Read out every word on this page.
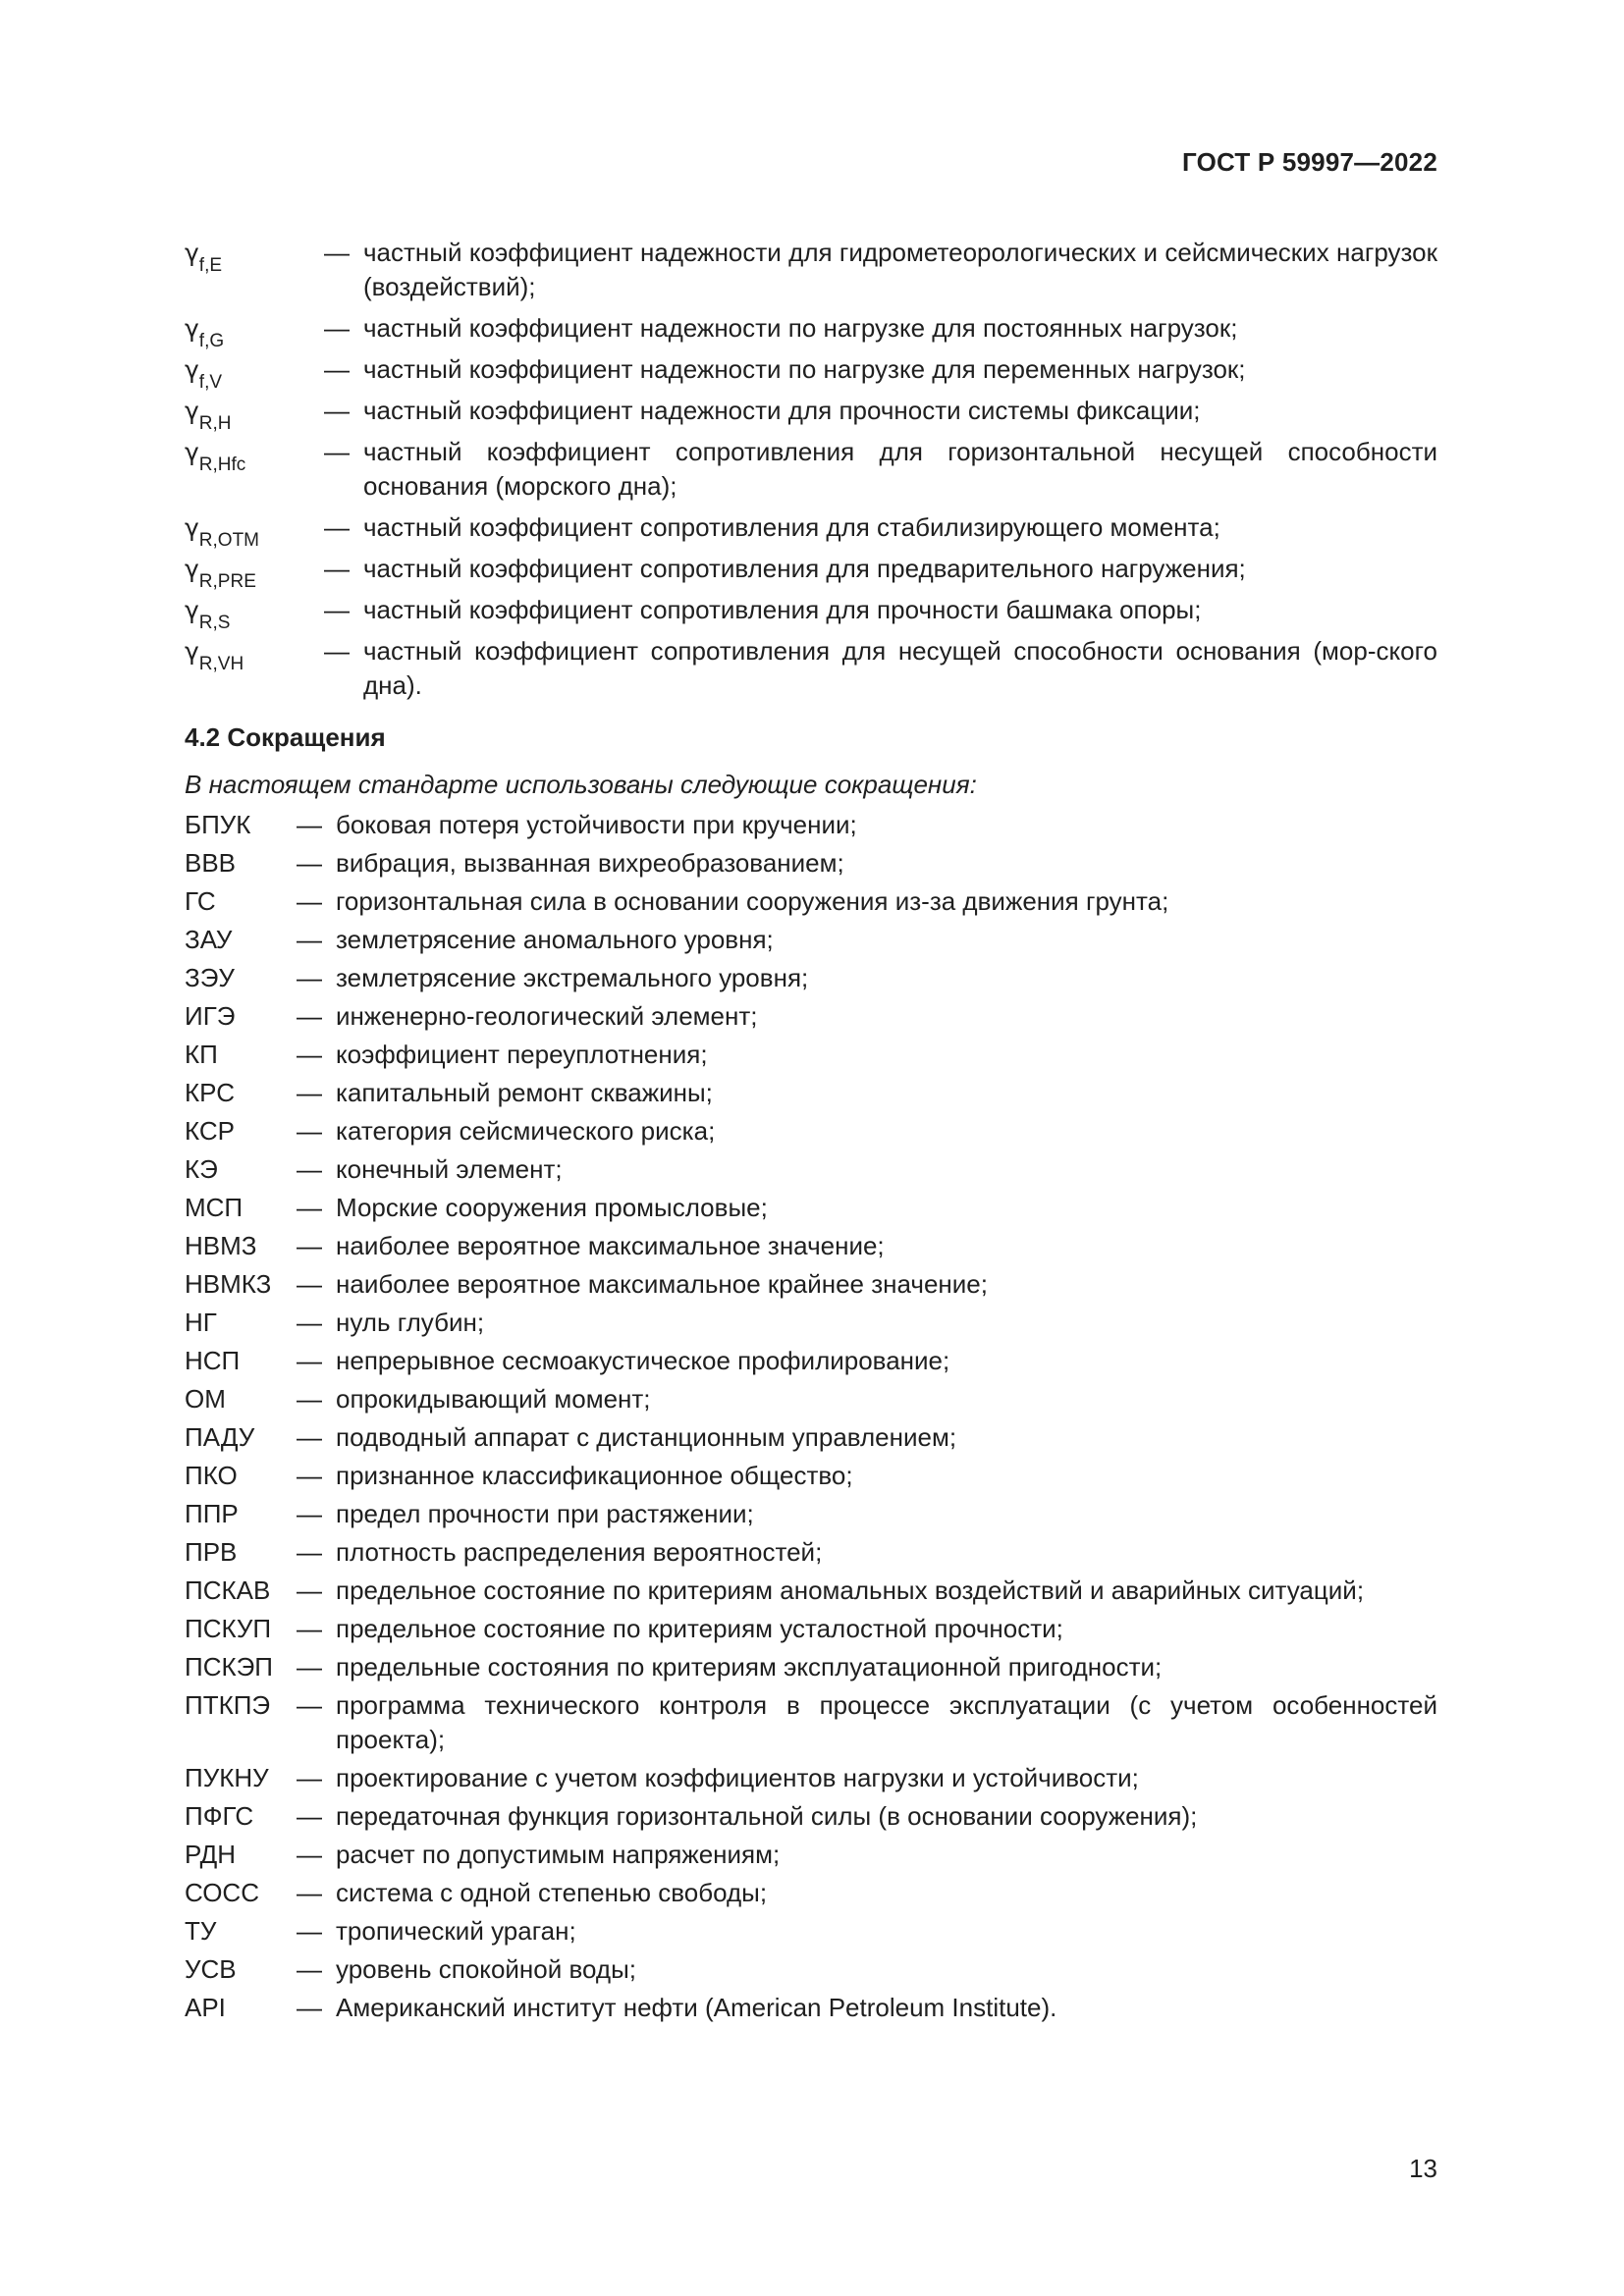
ГОСТ Р 59997—2022
$\gamma_{f,E}$	— частный коэффициент надежности для гидрометеорологических и сейсмических нагрузок (воздействий);
$\gamma_{f,G}$	— частный коэффициент надежности по нагрузке для постоянных нагрузок;
$\gamma_{f,V}$	— частный коэффициент надежности по нагрузке для переменных нагрузок;
$\gamma_{R,H}$	— частный коэффициент надежности для прочности системы фиксации;
$\gamma_{R,Hfc}$	— частный коэффициент сопротивления для горизонтальной несущей способности основания (морского дна);
$\gamma_{R,OTM}$	— частный коэффициент сопротивления для стабилизирующего момента;
$\gamma_{R,PRE}$	— частный коэффициент сопротивления для предварительного нагружения;
$\gamma_{R,S}$	— частный коэффициент сопротивления для прочности башмака опоры;
$\gamma_{R,VH}$	— частный коэффициент сопротивления для несущей способности основания (мор-ского дна).
4.2 Сокращения
В настоящем стандарте использованы следующие сокращения:
БПУК	— боковая потеря устойчивости при кручении;
ВВВ	— вибрация, вызванная вихреобразованием;
ГС	— горизонтальная сила в основании сооружения из-за движения грунта;
ЗАУ	— землетрясение аномального уровня;
ЗЭУ	— землетрясение экстремального уровня;
ИГЭ	— инженерно-геологический элемент;
КП	— коэффициент переуплотнения;
КРС	— капитальный ремонт скважины;
КСР	— категория сейсмического риска;
КЭ	— конечный элемент;
МСП	— Морские сооружения промысловые;
НВМЗ	— наиболее вероятное максимальное значение;
НВМКЗ — наиболее вероятное максимальное крайнее значение;
НГ	— нуль глубин;
НСП	— непрерывное сесмоакустическое профилирование;
ОМ	— опрокидывающий момент;
ПАДУ	— подводный аппарат с дистанционным управлением;
ПКО	— признанное классификационное общество;
ППР	— предел прочности при растяжении;
ПРВ	— плотность распределения вероятностей;
ПСКАВ	— предельное состояние по критериям аномальных воздействий и аварийных ситуаций;
ПСКУП — предельное состояние по критериям усталостной прочности;
ПСКЭП — предельные состояния по критериям эксплуатационной пригодности;
ПТКПЭ	— программа технического контроля в процессе эксплуатации (с учетом особенностей проекта);
ПУКНУ	— проектирование с учетом коэффициентов нагрузки и устойчивости;
ПФГС	— передаточная функция горизонтальной силы (в основании сооружения);
РДН	— расчет по допустимым напряжениям;
СОСС	— система с одной степенью свободы;
ТУ	— тропический ураган;
УСВ	— уровень спокойной воды;
API	— Американский институт нефти (American Petroleum Institute).
13
